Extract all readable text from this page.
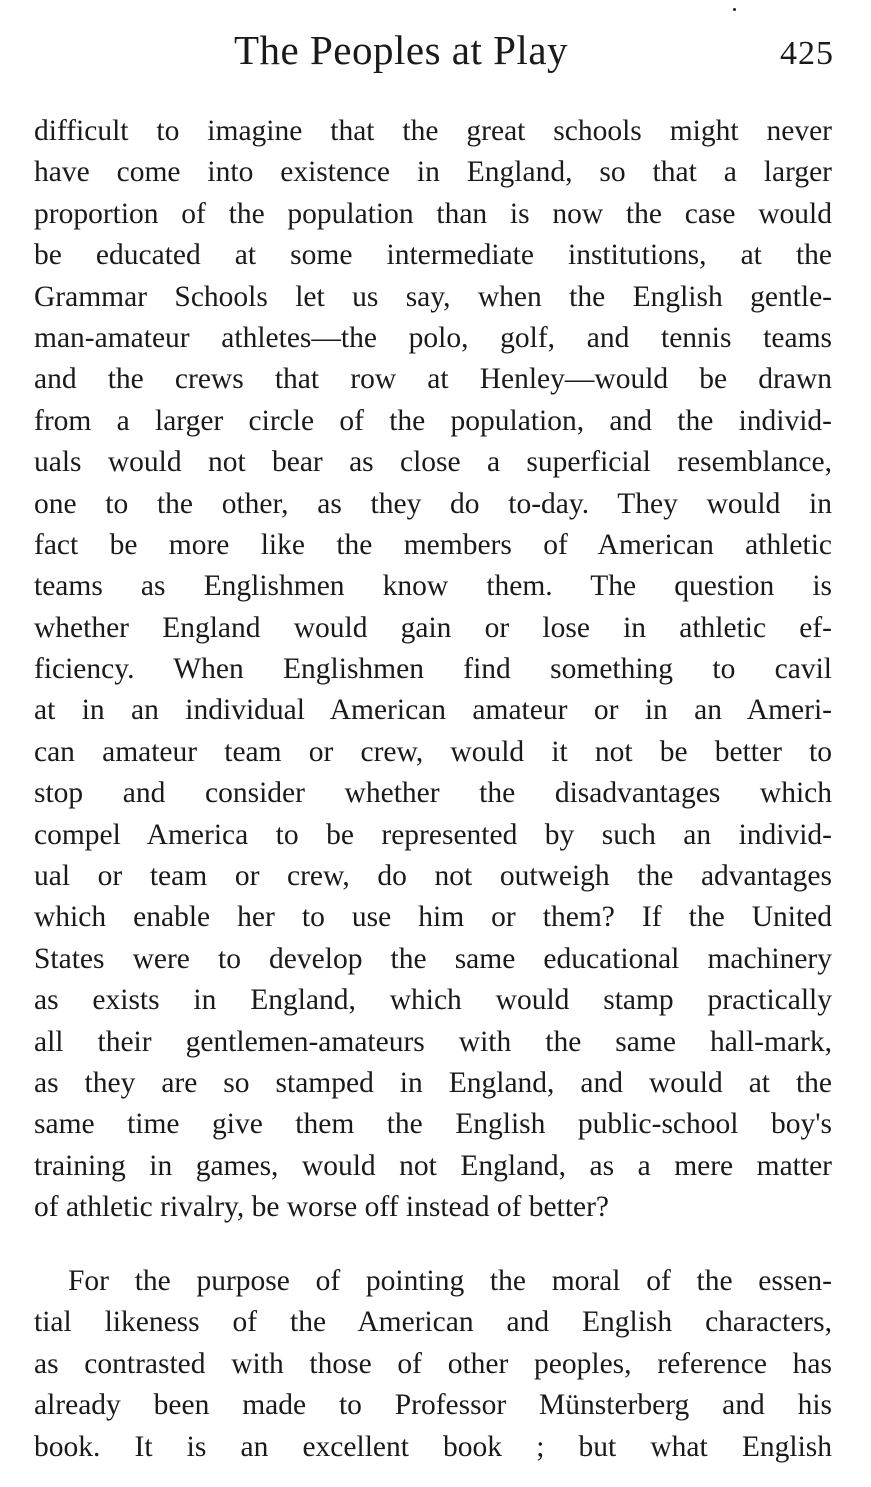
The Peoples at Play	425
difficult to imagine that the great schools might never
have come into existence in England, so that a larger
proportion of the population than is now the case would
be educated at some intermediate institutions, at the
Grammar Schools let us say, when the English gentle-
man-amateur athletes—the polo, golf, and tennis teams
and the crews that row at Henley—would be drawn
from a larger circle of the population, and the individ-
uals would not bear as close a superficial resemblance,
one to the other, as they do to-day. They would in
fact be more like the members of American athletic
teams as Englishmen know them. The question is
whether England would gain or lose in athletic ef-
ficiency. When Englishmen find something to cavil
at in an individual American amateur or in an Ameri-
can amateur team or crew, would it not be better to
stop and consider whether the disadvantages which
compel America to be represented by such an individ-
ual or team or crew, do not outweigh the advantages
which enable her to use him or them? If the United
States were to develop the same educational machinery
as exists in England, which would stamp practically
all their gentlemen-amateurs with the same hall-mark,
as they are so stamped in England, and would at the
same time give them the English public-school boy's
training in games, would not England, as a mere matter
of athletic rivalry, be worse off instead of better?
For the purpose of pointing the moral of the essen-
tial likeness of the American and English characters,
as contrasted with those of other peoples, reference has
already been made to Professor Münsterberg and his
book. It is an excellent book ; but what English
